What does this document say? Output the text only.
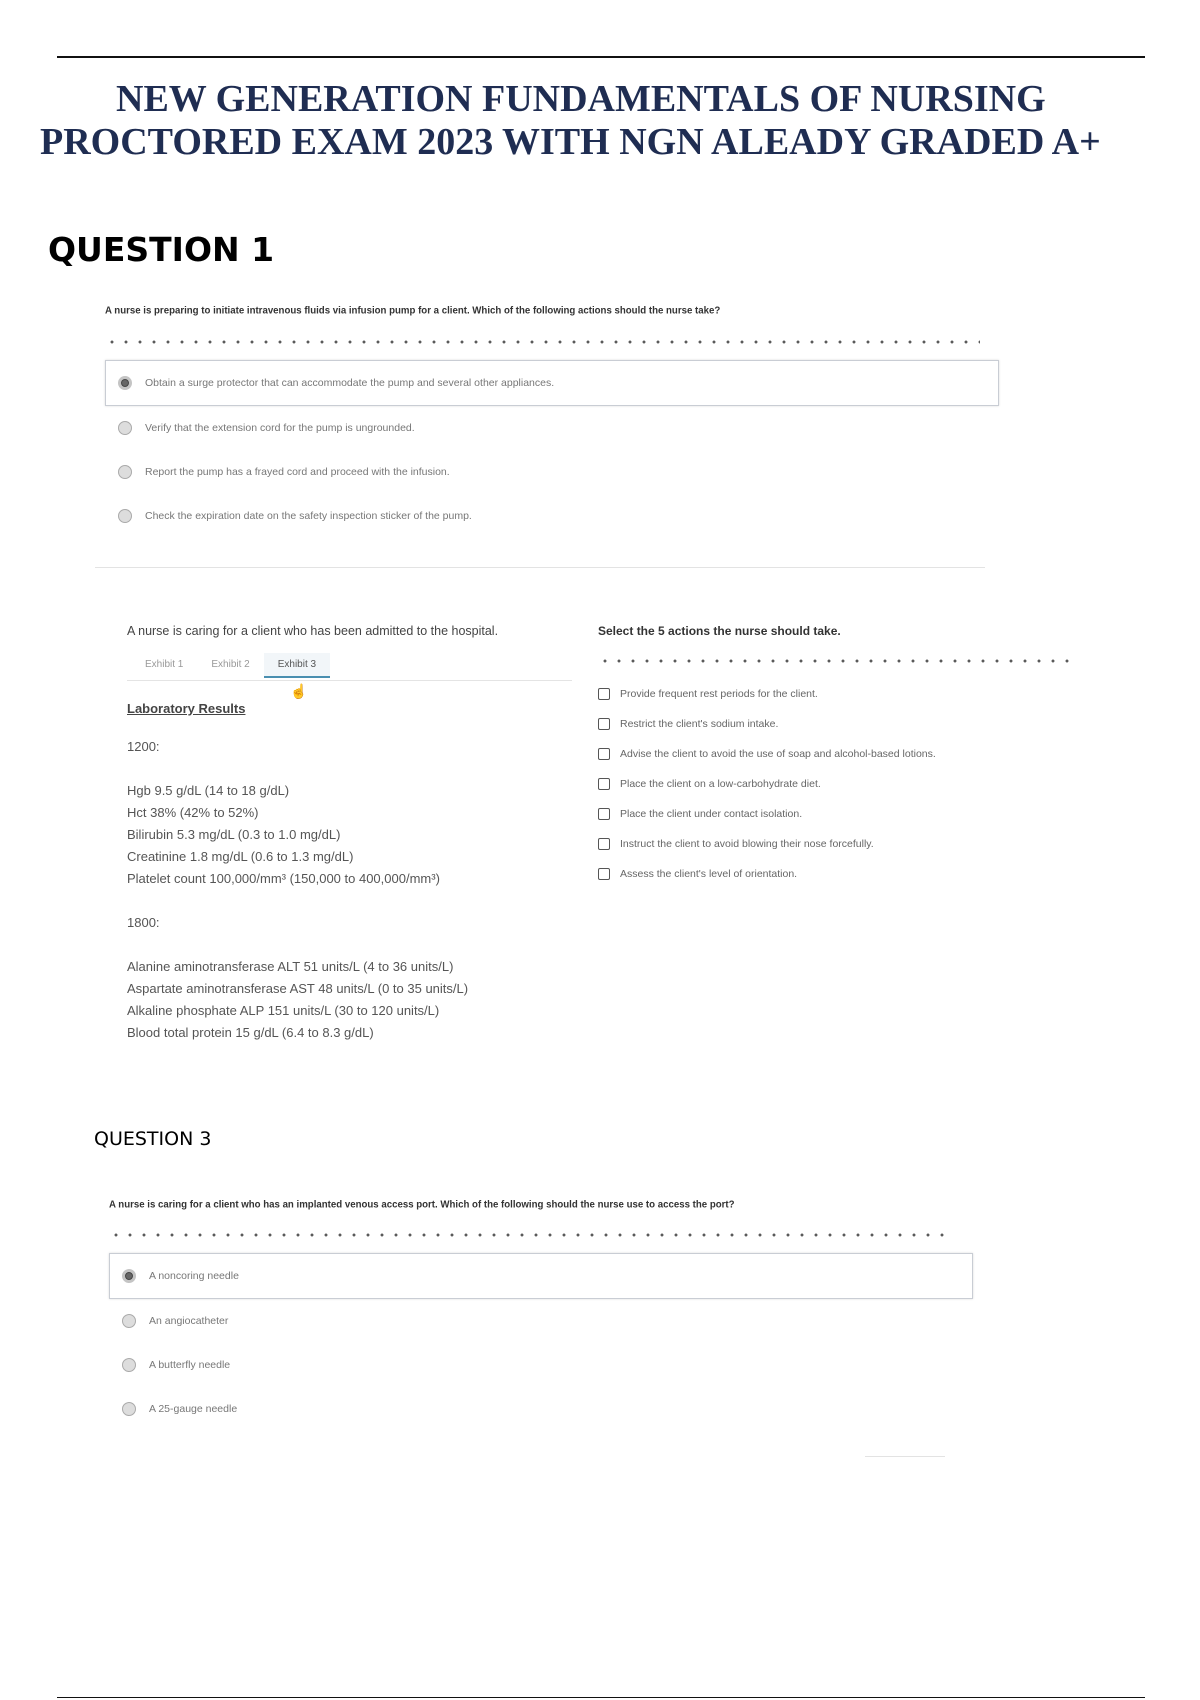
NEW GENERATION FUNDAMENTALS OF NURSING
PROCTORED EXAM 2023 WITH NGN ALEADY GRADED A+
QUESTION 1
A nurse is preparing to initiate intravenous fluids via infusion pump for a client. Which of the following actions should the nurse take?
Obtain a surge protector that can accommodate the pump and several other appliances.
Verify that the extension cord for the pump is ungrounded.
Report the pump has a frayed cord and proceed with the infusion.
Check the expiration date on the safety inspection sticker of the pump.
A nurse is caring for a client who has been admitted to the hospital.
Exhibit 1	Exhibit 2	Exhibit 3
Laboratory Results
1200:
Hgb 9.5 g/dL (14 to 18 g/dL)
Hct 38% (42% to 52%)
Bilirubin 5.3 mg/dL (0.3 to 1.0 mg/dL)
Creatinine 1.8 mg/dL (0.6 to 1.3 mg/dL)
Platelet count 100,000/mm³ (150,000 to 400,000/mm³)
1800:
Alanine aminotransferase ALT 51 units/L (4 to 36 units/L)
Aspartate aminotransferase AST 48 units/L (0 to 35 units/L)
Alkaline phosphate ALP 151 units/L (30 to 120 units/L)
Blood total protein 15 g/dL (6.4 to 8.3 g/dL)
☝
Select the 5 actions the nurse should take.
Provide frequent rest periods for the client.
Restrict the client's sodium intake.
Advise the client to avoid the use of soap and alcohol-based lotions.
Place the client on a low-carbohydrate diet.
Place the client under contact isolation.
Instruct the client to avoid blowing their nose forcefully.
Assess the client's level of orientation.
QUESTION 3
A nurse is caring for a client who has an implanted venous access port. Which of the following should the nurse use to access the port?
A noncoring needle
An angiocatheter
A butterfly needle
A 25-gauge needle
